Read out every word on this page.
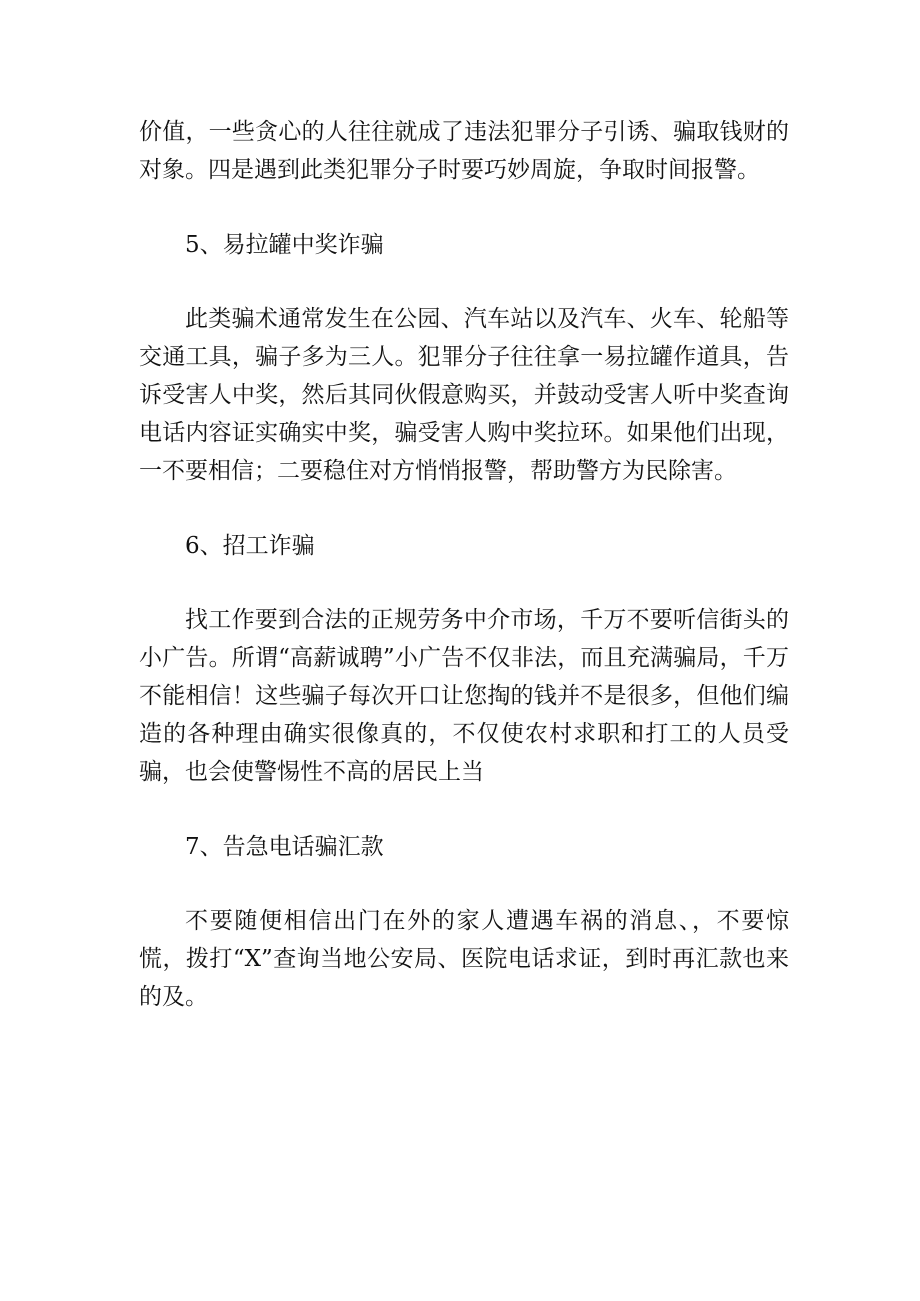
价值，一些贪心的人往往就成了违法犯罪分子引诱、骗取钱财的对象。四是遇到此类犯罪分子时要巧妙周旋，争取时间报警。

5、易拉罐中奖诈骗

此类骗术通常发生在公园、汽车站以及汽车、火车、轮船等交通工具，骗子多为三人。犯罪分子往往拿一易拉罐作道具，告诉受害人中奖，然后其同伙假意购买，并鼓动受害人听中奖查询电话内容证实确实中奖，骗受害人购中奖拉环。如果他们出现，一不要相信；二要稳住对方悄悄报警，帮助警方为民除害。

6、招工诈骗

找工作要到合法的正规劳务中介市场，千万不要听信街头的小广告。所谓“高薪诚聘”小广告不仅非法，而且充满骗局，千万不能相信！这些骗子每次开口让您掏的钱并不是很多，但他们编造的各种理由确实很像真的，不仅使农村求职和打工的人员受骗，也会使警惕性不高的居民上当

7、告急电话骗汇款

不要随便相信出门在外的家人遭遇车祸的消息、，不要惊慌，拨打“X”查询当地公安局、医院电话求证，到时再汇款也来的及。
